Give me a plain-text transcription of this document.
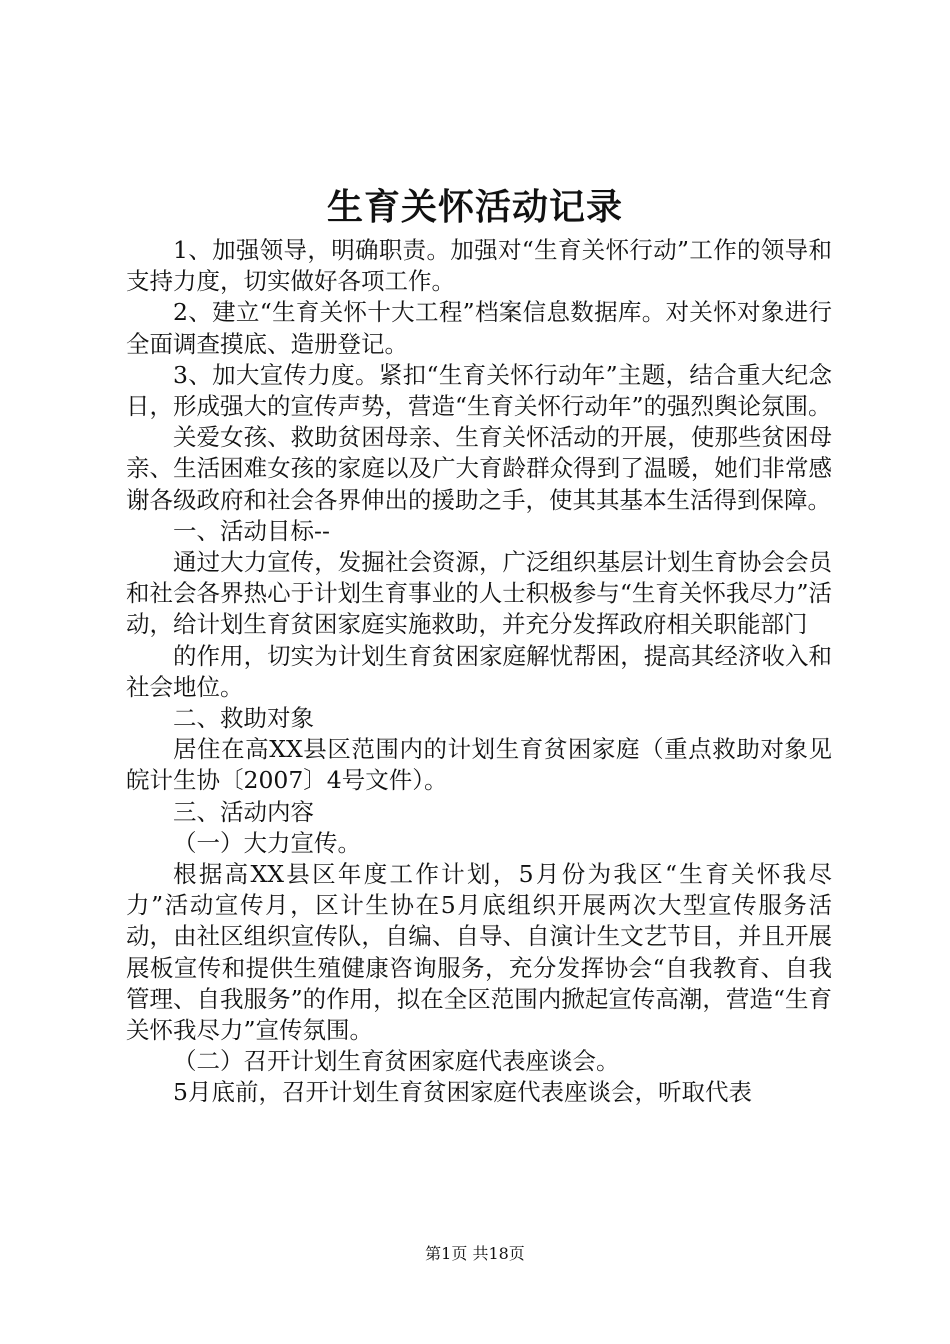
生育关怀活动记录

1、加强领导，明确职责。加强对“生育关怀行动”工作的领导和支持力度，切实做好各项工作。

2、建立“生育关怀十大工程”档案信息数据库。对关怀对象进行全面调查摸底、造册登记。

3、加大宣传力度。紧扣“生育关怀行动年”主题，结合重大纪念日，形成强大的宣传声势，营造“生育关怀行动年”的强烈舆论氛围。

关爱女孩、救助贫困母亲、生育关怀活动的开展，使那些贫困母亲、生活困难女孩的家庭以及广大育龄群众得到了温暖，她们非常感谢各级政府和社会各界伸出的援助之手，使其其基本生活得到保障。

一、活动目标--

通过大力宣传，发掘社会资源，广泛组织基层计划生育协会会员和社会各界热心于计划生育事业的人士积极参与“生育关怀我尽力”活动，给计划生育贫困家庭实施救助，并充分发挥政府相关职能部门

的作用，切实为计划生育贫困家庭解忧帮困，提高其经济收入和社会地位。

二、救助对象

居住在高XX县区范围内的计划生育贫困家庭（重点救助对象见皖计生协〔2007〕4号文件）。

三、活动内容

（一）大力宣传。

根据高XX县区年度工作计划，5月份为我区“生育关怀我尽力”活动宣传月，区计生协在5月底组织开展两次大型宣传服务活动，由社区组织宣传队，自编、自导、自演计生文艺节目，并且开展展板宣传和提供生殖健康咨询服务，充分发挥协会“自我教育、自我管理、自我服务”的作用，拟在全区范围内掀起宣传高潮，营造“生育关怀我尽力”宣传氛围。

（二）召开计划生育贫困家庭代表座谈会。

5月底前，召开计划生育贫困家庭代表座谈会，听取代表

第1页 共18页
